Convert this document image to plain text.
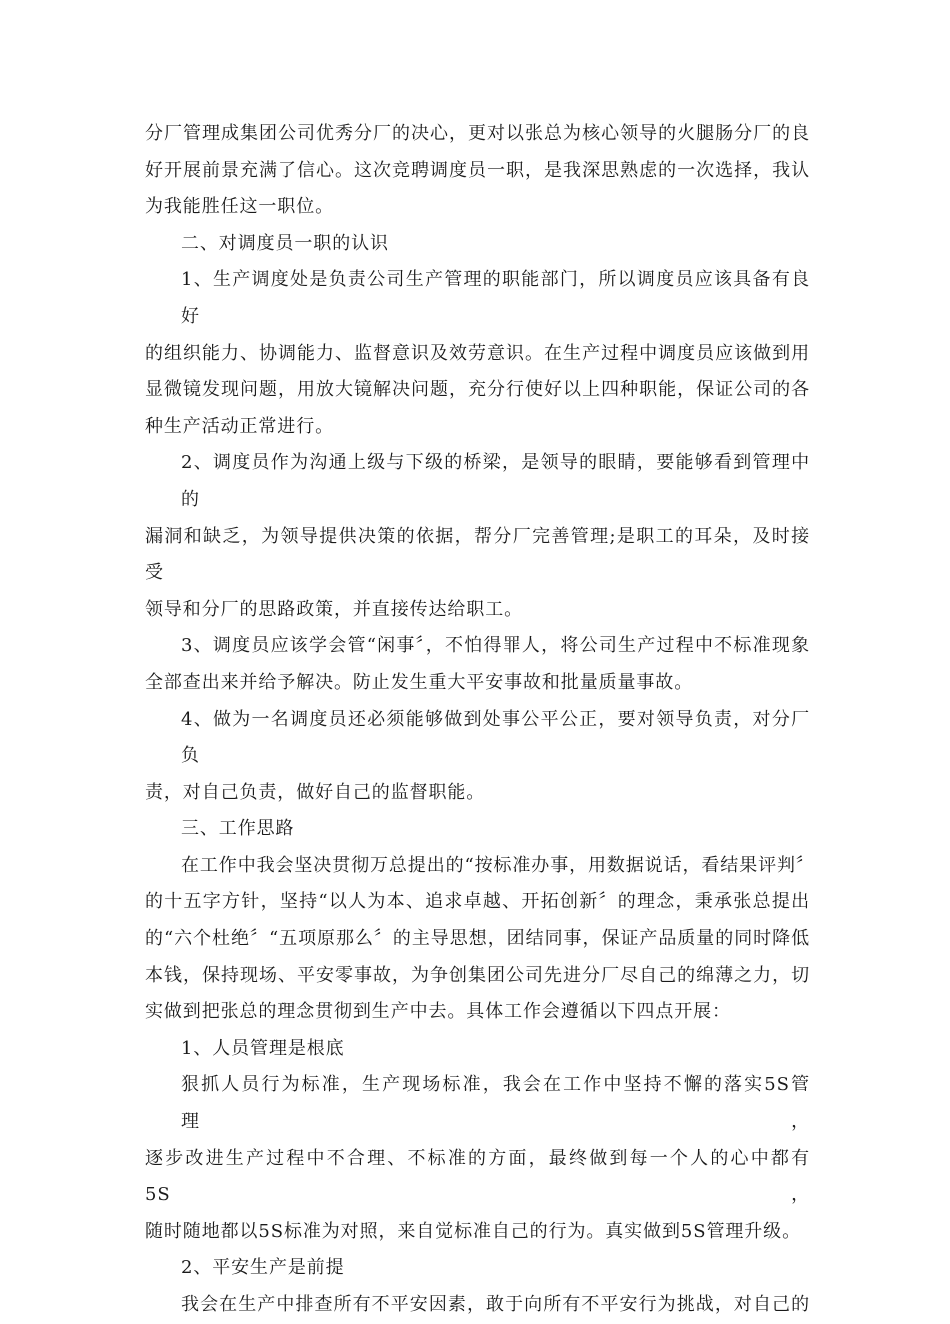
分厂管理成集团公司优秀分厂的决心，更对以张总为核心领导的火腿肠分厂的良
好开展前景充满了信心。这次竞聘调度员一职，是我深思熟虑的一次选择，我认
为我能胜任这一职位。
二、对调度员一职的认识
1、生产调度处是负责公司生产管理的职能部门，所以调度员应该具备有良好
的组织能力、协调能力、监督意识及效劳意识。在生产过程中调度员应该做到用
显微镜发现问题，用放大镜解决问题，充分行使好以上四种职能，保证公司的各
种生产活动正常进行。
2、调度员作为沟通上级与下级的桥梁，是领导的眼睛，要能够看到管理中的
漏洞和缺乏，为领导提供决策的依据，帮分厂完善管理;是职工的耳朵，及时接受
领导和分厂的思路政策，并直接传达给职工。
3、调度员应该学会管“闲事〞，不怕得罪人，将公司生产过程中不标准现象
全部查出来并给予解决。防止发生重大平安事故和批量质量事故。
4、做为一名调度员还必须能够做到处事公平公正，要对领导负责，对分厂负
责，对自己负责，做好自己的监督职能。
三、工作思路
在工作中我会坚决贯彻万总提出的“按标准办事，用数据说话，看结果评判〞
的十五字方针，坚持“以人为本、追求卓越、开拓创新〞的理念，秉承张总提出
的“六个杜绝〞“五项原那么〞的主导思想，团结同事，保证产品质量的同时降低
本钱，保持现场、平安零事故，为争创集团公司先进分厂尽自己的绵薄之力，切
实做到把张总的理念贯彻到生产中去。具体工作会遵循以下四点开展：
1、人员管理是根底
狠抓人员行为标准，生产现场标准，我会在工作中坚持不懈的落实5S管理，
逐步改进生产过程中不合理、不标准的方面，最终做到每一个人的心中都有5S，
随时随地都以5S标准为对照，来自觉标准自己的行为。真实做到5S管理升级。
2、平安生产是前提
我会在生产中排查所有不平安因素，敢于向所有不平安行为挑战，对自己的
